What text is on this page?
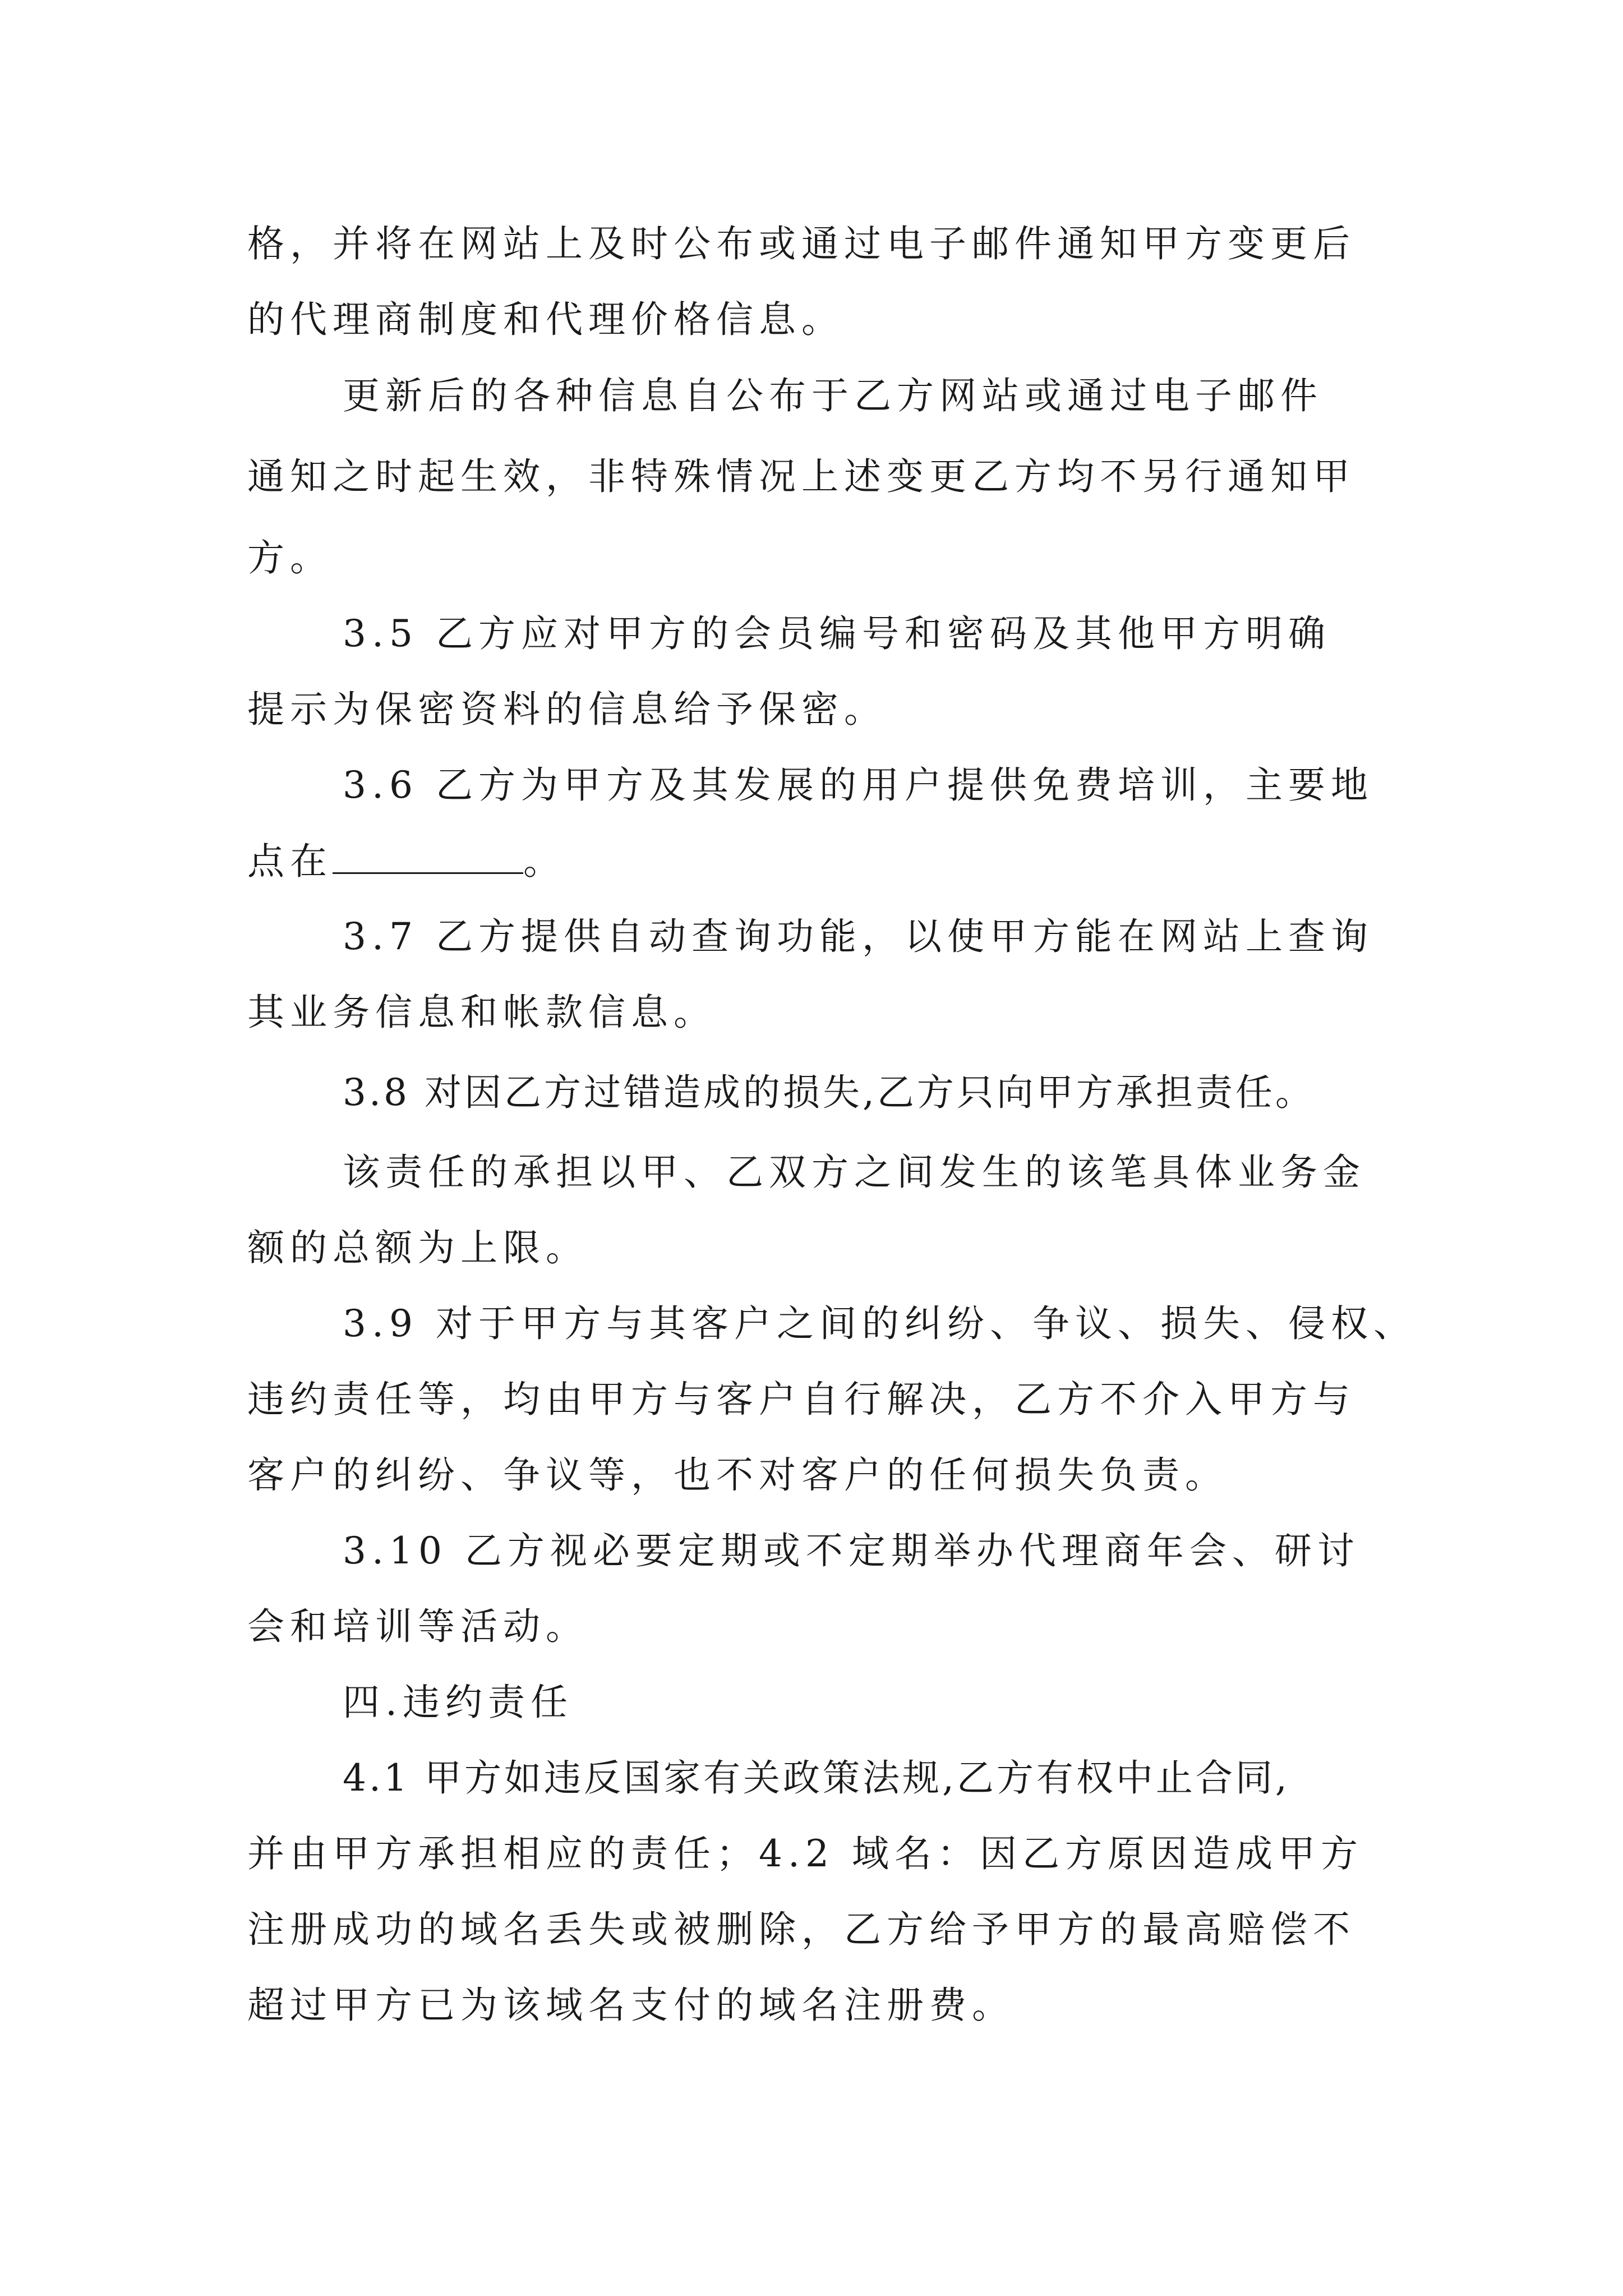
格，并将在网站上及时公布或通过电子邮件通知甲方变更后
的代理商制度和代理价格信息。
更新后的各种信息自公布于乙方网站或通过电子邮件
通知之时起生效，非特殊情况上述变更乙方均不另行通知甲
方。
3.5 乙方应对甲方的会员编号和密码及其他甲方明确
提示为保密资料的信息给予保密。
3.6 乙方为甲方及其发展的用户提供免费培训，主要地
点在	。
3.7 乙方提供自动查询功能，以使甲方能在网站上查询
其业务信息和帐款信息。
3.8 对因乙方过错造成的损失,乙方只向甲方承担责任。
该责任的承担以甲、乙双方之间发生的该笔具体业务金
额的总额为上限。
3.9 对于甲方与其客户之间的纠纷、争议、损失、侵权、
违约责任等，均由甲方与客户自行解决，乙方不介入甲方与
客户的纠纷、争议等，也不对客户的任何损失负责。
3.10 乙方视必要定期或不定期举办代理商年会、研讨
会和培训等活动。
四.违约责任
4.1 甲方如违反国家有关政策法规,乙方有权中止合同,
并由甲方承担相应的责任；4.2 域名：因乙方原因造成甲方
注册成功的域名丢失或被删除，乙方给予甲方的最高赔偿不
超过甲方已为该域名支付的域名注册费。
